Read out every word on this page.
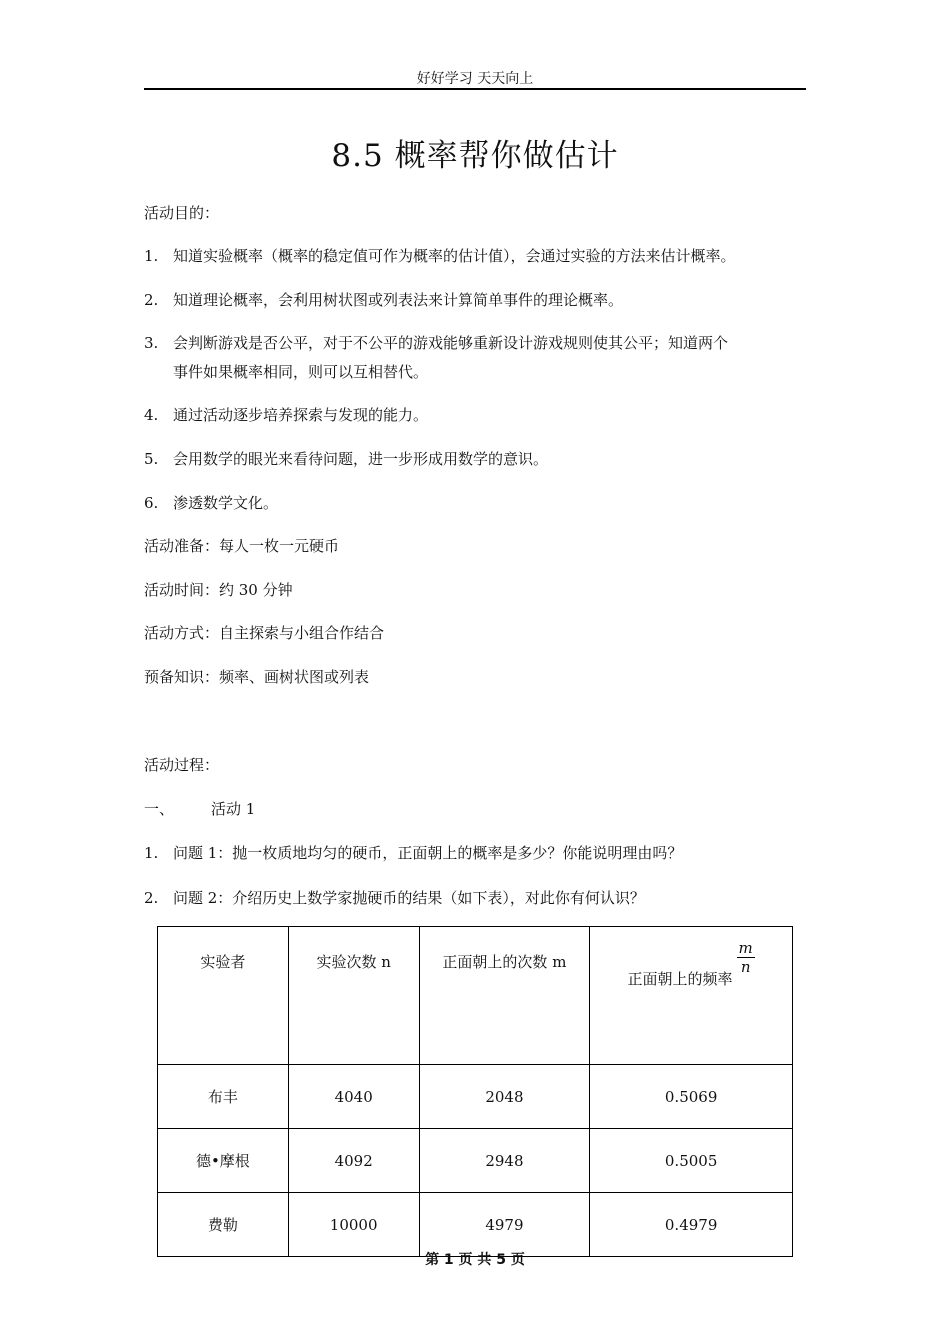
好好学习 天天向上
8.5 概率帮你做估计
活动目的：
1. 知道实验概率（概率的稳定值可作为概率的估计值），会通过实验的方法来估计概率。
2. 知道理论概率，会利用树状图或列表法来计算简单事件的理论概率。
3. 会判断游戏是否公平，对于不公平的游戏能够重新设计游戏规则使其公平；知道两个
事件如果概率相同，则可以互相替代。
4. 通过活动逐步培养探索与发现的能力。
5. 会用数学的眼光来看待问题，进一步形成用数学的意识。
6. 渗透数学文化。
活动准备：每人一枚一元硬币
活动时间：约 30 分钟
活动方式：自主探索与小组合作结合
预备知识：频率、画树状图或列表
活动过程：
一、 活动 1
1. 问题 1：抛一枚质地均匀的硬币，正面朝上的概率是多少？你能说明理由吗？
2. 问题 2：介绍历史上数学家抛硬币的结果（如下表），对此你有何认识？
实验者	实验次数 n	正面朝上的次数 m	正面朝上的频率
$\frac{m}{n}$

布丰	4040	2048	0.5069
德•摩根	4092	2948	0.5005
费勒	10000	4979	0.4979
第 1 页 共 5 页
